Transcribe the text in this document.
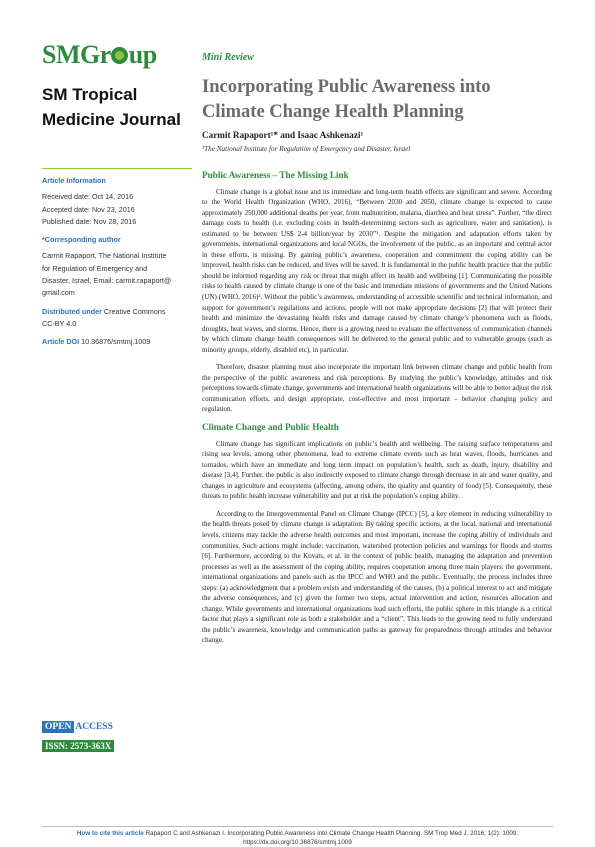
SMGr up
SM Tropical
Medicine Journal
Mini Review
Incorporating Public Awareness into Climate Change Health Planning
Carmit Rapaport¹* and Isaac Ashkenazi¹
¹The National Institute for Regulation of Emergency and Disaster, Israel
Article Information
Received date: Oct 14, 2016
Accepted date: Nov 23, 2016
Published date: Nov 28, 2016
*Corresponding author
Carmit Rapaport, The National Institute
for Regulation of Emergency and
Disaster, Israel, Email: carmit.rapaport@
gmail.com
Distributed under Creative Commons
CC-BY 4.0
Article DOI 10.36876/smtmj.1009
OPEN ACCESS
ISSN: 2573-363X
Public Awareness – The Missing Link

Climate change is a global issue and its immediate and long-term health effects are significant and severe. According to the World Health Organization (WHO, 2016), “Between 2030 and 2050, climate change is expected to cause approximately 250,000 additional deaths per year, from malnutrition, malaria, diarrhea and heat stress”. Further, “the direct damage costs to health (i.e. excluding costs in health-determining sectors such as agriculture, water and sanitation), is estimated to be between US$ 2-4 billion/year by 2030”¹. Despite the mitigation and adaptation efforts taken by governments, international organizations and local NGOs, the involvement of the public, as an important and central actor in these efforts, is missing. By gaining public’s awareness, cooperation and commitment the coping ability can be improved, health risks can be reduced, and lives will be saved. It is fundamental in the public health practice that the public should be informed regarding any risk or threat that might affect its health and wellbeing [1]. Communicating the possible risks to health caused by climate change is one of the basic and immediate missions of governments and the United Nations (UN) (WHO, 2016)². Without the public’s awareness, understanding of accessible scientific and technical information, and support for government’s regulations and actions, people will not make appropriate decisions [2] that will protect their health and minimize the devastating health risks and damage caused by climate change’s phenomena such as floods, droughts, heat waves, and storms. Hence, there is a growing need to evaluate the effectiveness of communication channels by which climate change health consequences will be delivered to the general public and to vulnerable groups (such as minority groups, elderly, disabled etc), in particular.

Therefore, disaster planning must also incorporate the important link between climate change and public health from the perspective of the public awareness and risk perceptions. By studying the public’s knowledge, attitudes and risk perceptions towards climate change, governments and international health organizations will be able to better adjust the risk communication efforts, and design appropriate, cost-effective and most important – behavior changing policy and regulation.

Climate Change and Public Health

Climate change has significant implications on public’s health and wellbeing. The raising surface temperatures and rising sea levels, among other phenomena, lead to extreme climate events such as heat waves, floods, hurricanes and tornados, which have an immediate and long term impact on population’s health, such as death, injury, disability and disease [3,4]. Further, the public is also indirectly exposed to climate change through decrease in air and water quality, and changes in agriculture and ecosystems (affecting, among others, the quality and quantity of food) [5]. Consequently, these threats to public health increase vulnerability and put at risk the population’s coping ability.

According to the Intergovernmental Panel on Climate Change (IPCC) [5], a key element in reducing vulnerability to the health threats posed by climate change is adaptation. By taking specific actions, at the local, national and international levels, citizens may tackle the adverse health outcomes and most important, increase the coping ability of individuals and communities. Such actions might include: vaccination, watershed protection policies and warnings for floods and storms [6]. Furthermore, according to the Kovats, et al. in the context of public health, managing the adaptation and prevention processes as well as the assessment of the coping ability, requires cooperation among three main players: the government, international organizations and panels such as the IPCC and WHO and the public. Eventually, the process includes three steps: (a) acknowledgment that a problem exists and understanding of the causes, (b) a political interest to act and mitigate the adverse consequences, and (c) given the former two steps, actual intervention and action, resources allocation and change. While governments and international organizations lead such efforts, the public sphere in this triangle is a critical factor that plays a significant role as both a stakeholder and a “client”. This leads to the growing need to fully understand the public’s awareness, knowledge and communication paths as gateway for preparedness through attitudes and behavior change.

How to cite this article Rapaport C and Ashkenazi I. Incorporating Public Awareness into Climate Change Health Planning. SM Trop Med J. 2016; 1(2): 1009.
https://dx.doi.org/10.36876/smtmj.1009
